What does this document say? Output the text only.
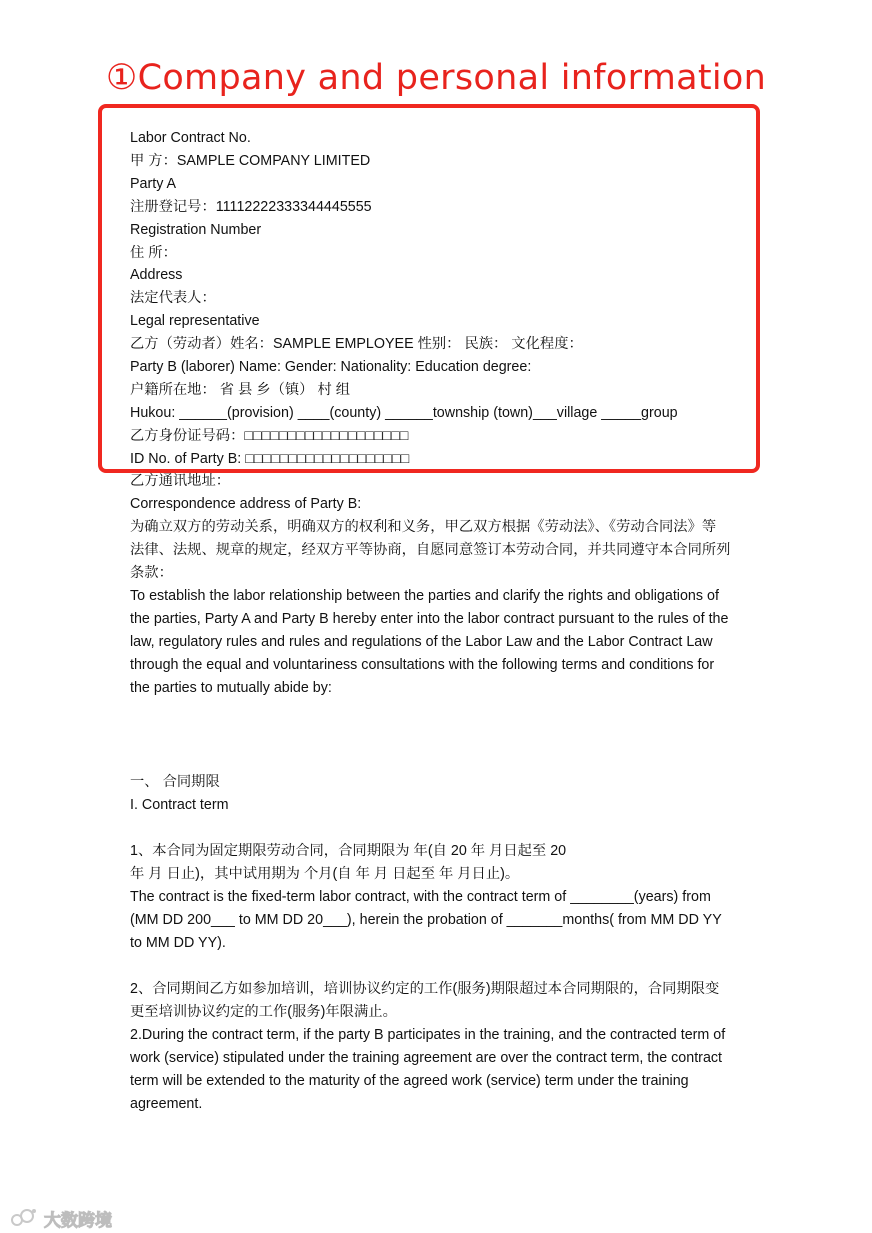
①Company and personal information
Labor Contract No.
甲 方：SAMPLE COMPANY LIMITED
Party A
注册登记号：11112222333344445555
Registration Number
住 所：
Address
法定代表人：
Legal representative
乙方（劳动者）姓名：SAMPLE EMPLOYEE 性别： 民族： 文化程度：
Party B (laborer) Name: Gender: Nationality: Education degree:
户籍所在地： 省 县 乡（镇） 村 组
Hukou: ______(provision) ____(county) ______township (town)___village _____group
乙方身份证号码：□□□□□□□□□□□□□□□□□□□
ID No. of Party B: □□□□□□□□□□□□□□□□□□□
乙方通讯地址：
Correspondence address of Party B:
为确立双方的劳动关系，明确双方的权利和义务，甲乙双方根据《劳动法》、《劳动合同法》等
法律、法规、规章的规定，经双方平等协商，自愿同意签订本劳动合同，并共同遵守本合同所列
条款：
To establish the labor relationship between the parties and clarify the rights and obligations of
the parties, Party A and Party B hereby enter into the labor contract pursuant to the rules of the
law, regulatory rules and rules and regulations of the Labor Law and the Labor Contract Law
through the equal and voluntariness consultations with the following terms and conditions for
the parties to mutually abide by:
一、 合同期限
I. Contract term
1、本合同为固定期限劳动合同，合同期限为 年(自 20 年 月日起至 20
年 月 日止)，其中试用期为 个月(自 年 月 日起至 年 月日止)。
The contract is the fixed-term labor contract, with the contract term of ________(years) from
(MM DD 200___ to MM DD 20___), herein the probation of _______months( from MM DD YY
to MM DD YY).
2、合同期间乙方如参加培训，培训协议约定的工作(服务)期限超过本合同期限的，合同期限变
更至培训协议约定的工作(服务)年限满止。
2.During the contract term, if the party B participates in the training, and the contracted term of
work (service) stipulated under the training agreement are over the contract term, the contract
term will be extended to the maturity of the agreed work (service) term under the training
agreement.
大数跨境
